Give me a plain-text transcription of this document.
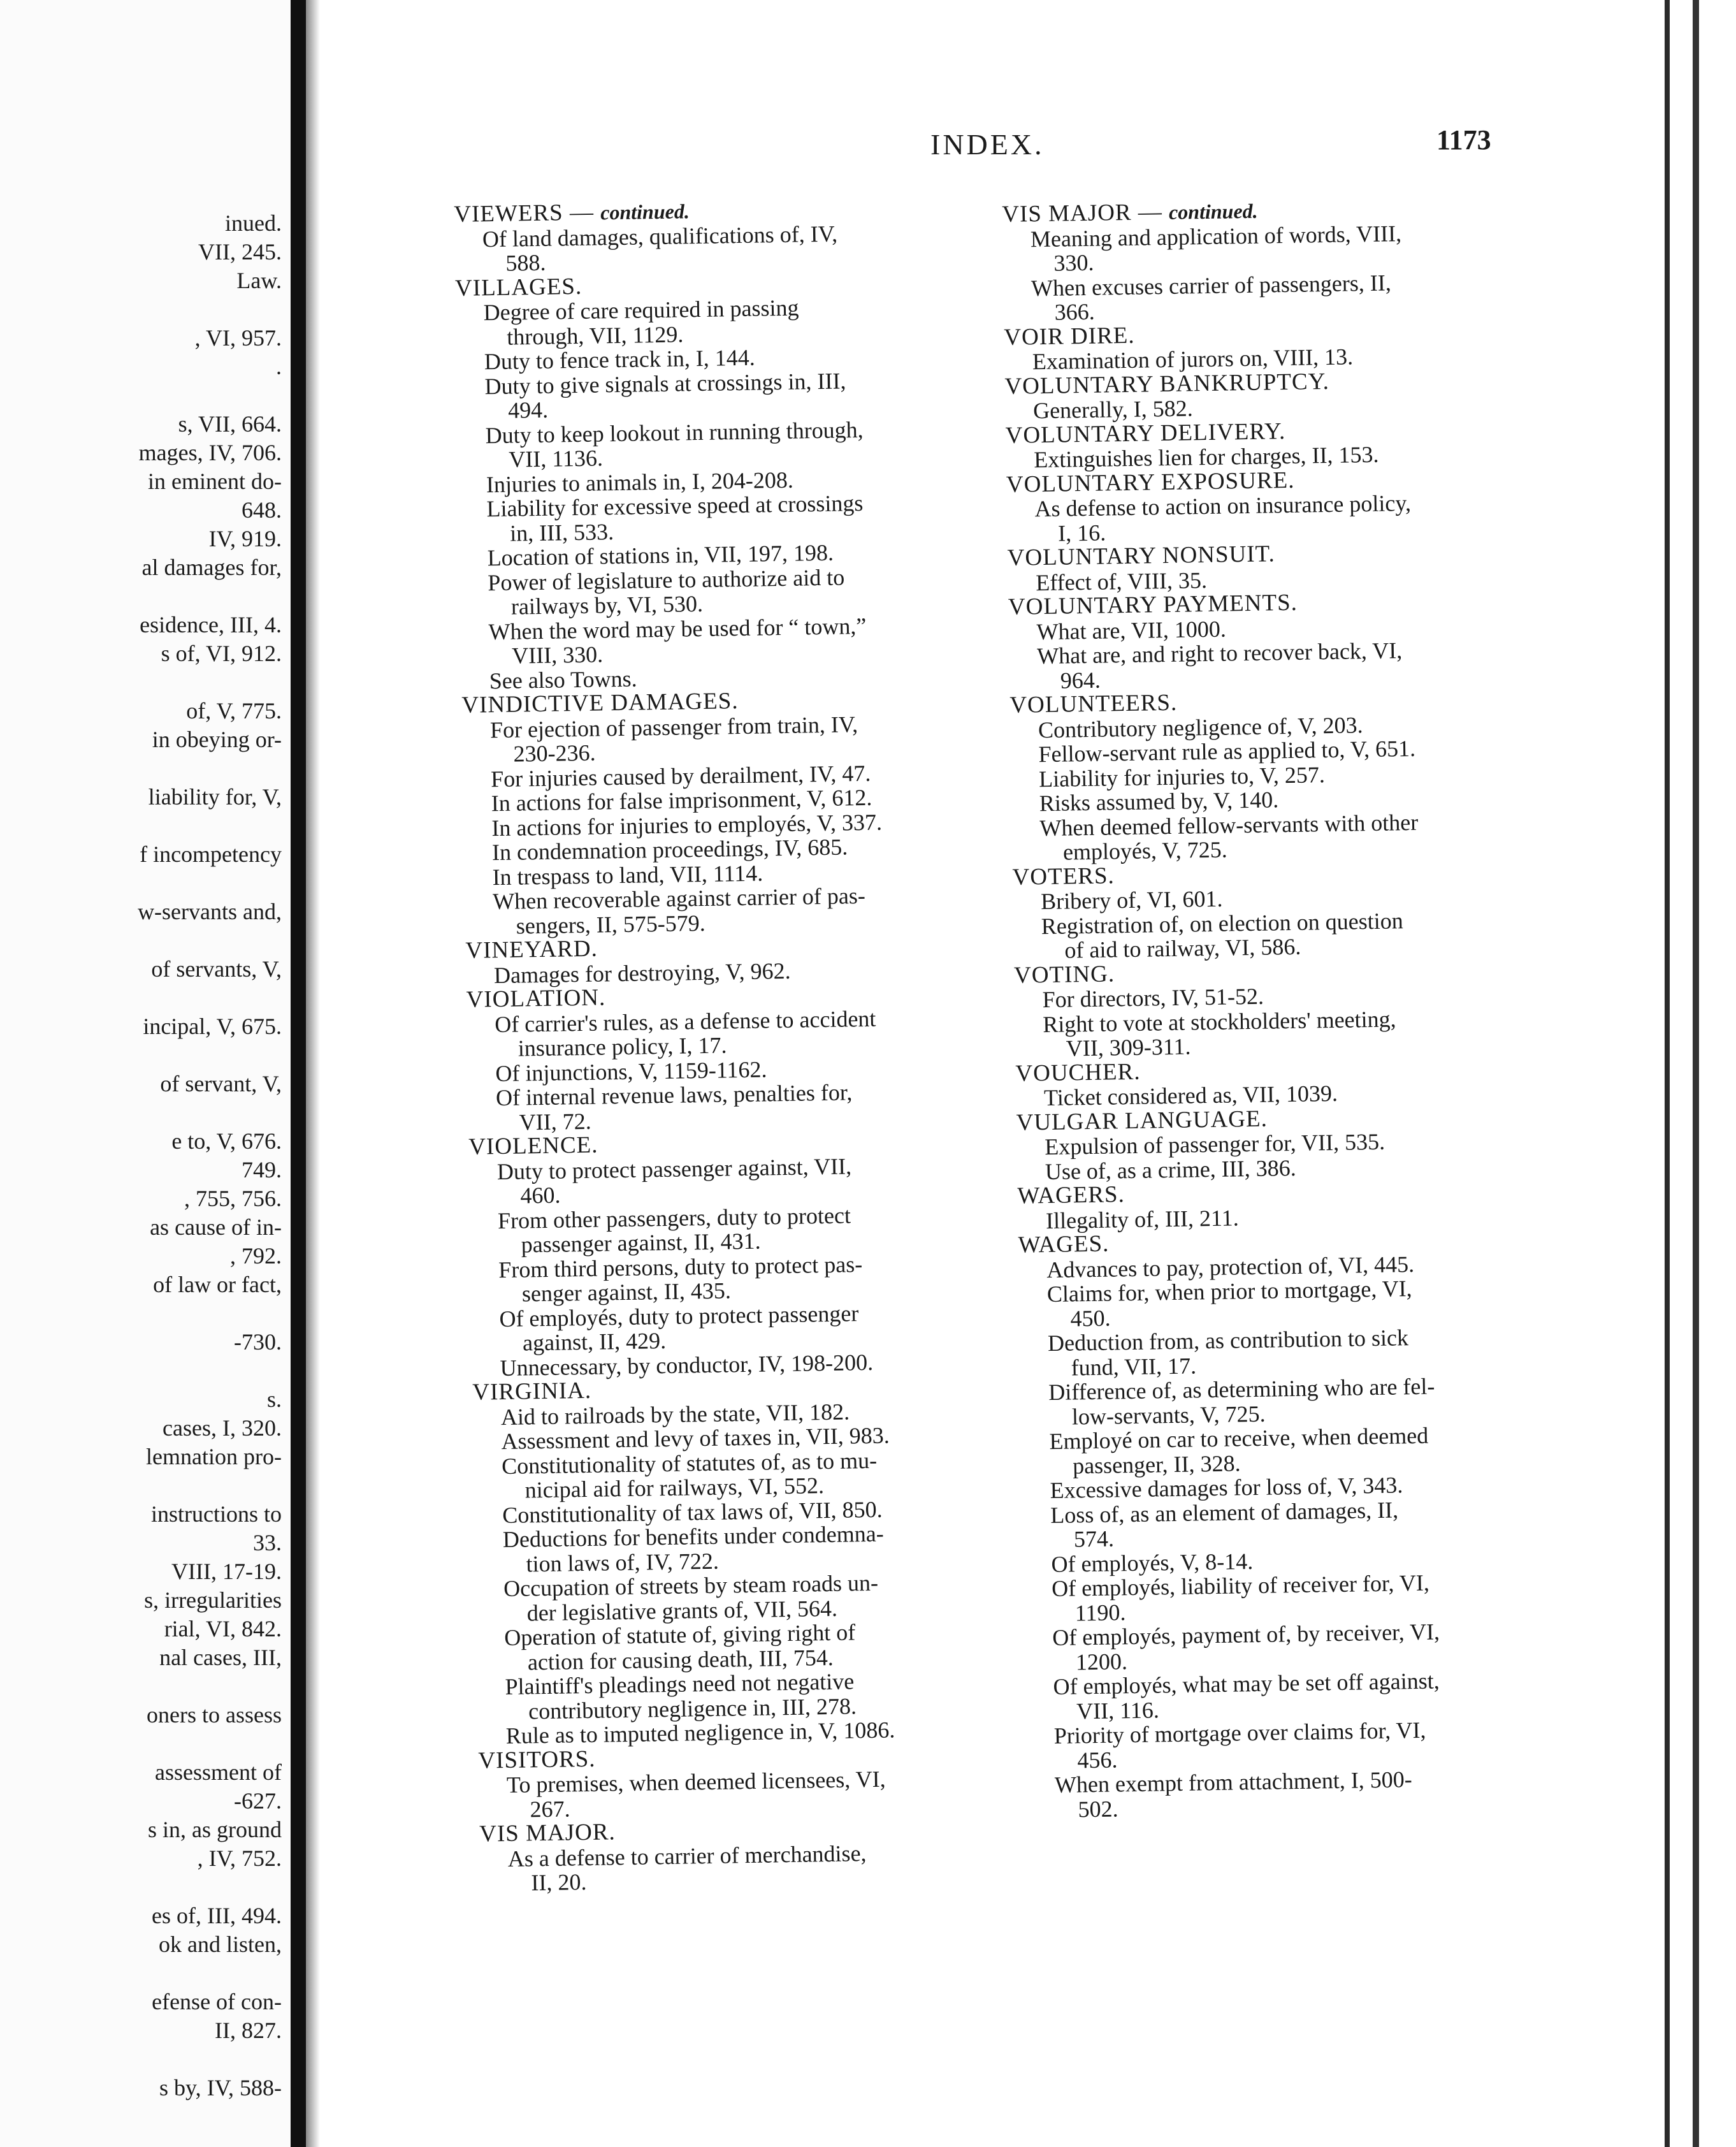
inued.
VII, 245.
Law.
, VI, 957.
.
s, VII, 664.
mages, IV, 706.
in eminent do-
648.
IV, 919.
al damages for,
esidence, III, 4.
s of, VI, 912.
of, V, 775.
in obeying or-
liability for, V,
f incompetency
w-servants and,
of servants, V,
incipal, V, 675.
of servant, V,
e to, V, 676.
749.
, 755, 756.
as cause of in-
, 792.
of law or fact,
-730.
s.
cases, I, 320.
lemnation pro-
instructions to
33.
VIII, 17-19.
s, irregularities
rial, VI, 842.
nal cases, III,
oners to assess
assessment of
-627.
s in, as ground
, IV, 752.
es of, III, 494.
ok and listen,
efense of con-
II, 827.
s by, IV, 588-
INDEX.	1173
VIEWERS — continued.
Of land damages, qualifications of, IV,
588.
VILLAGES.
Degree of care required in passing
through, VII, 1129.
Duty to fence track in, I, 144.
Duty to give signals at crossings in, III,
494.
Duty to keep lookout in running through,
VII, 1136.
Injuries to animals in, I, 204-208.
Liability for excessive speed at crossings
in, III, 533.
Location of stations in, VII, 197, 198.
Power of legislature to authorize aid to
railways by, VI, 530.
When the word may be used for “ town,”
VIII, 330.
See also Towns.
VINDICTIVE DAMAGES.
For ejection of passenger from train, IV,
230-236.
For injuries caused by derailment, IV, 47.
In actions for false imprisonment, V, 612.
In actions for injuries to employés, V, 337.
In condemnation proceedings, IV, 685.
In trespass to land, VII, 1114.
When recoverable against carrier of pas-
sengers, II, 575-579.
VINEYARD.
Damages for destroying, V, 962.
VIOLATION.
Of carrier's rules, as a defense to accident
insurance policy, I, 17.
Of injunctions, V, 1159-1162.
Of internal revenue laws, penalties for,
VII, 72.
VIOLENCE.
Duty to protect passenger against, VII,
460.
From other passengers, duty to protect
passenger against, II, 431.
From third persons, duty to protect pas-
senger against, II, 435.
Of employés, duty to protect passenger
against, II, 429.
Unnecessary, by conductor, IV, 198-200.
VIRGINIA.
Aid to railroads by the state, VII, 182.
Assessment and levy of taxes in, VII, 983.
Constitutionality of statutes of, as to mu-
nicipal aid for railways, VI, 552.
Constitutionality of tax laws of, VII, 850.
Deductions for benefits under condemna-
tion laws of, IV, 722.
Occupation of streets by steam roads un-
der legislative grants of, VII, 564.
Operation of statute of, giving right of
action for causing death, III, 754.
Plaintiff's pleadings need not negative
contributory negligence in, III, 278.
Rule as to imputed negligence in, V, 1086.
VISITORS.
To premises, when deemed licensees, VI,
267.
VIS MAJOR.
As a defense to carrier of merchandise,
II, 20.
VIS MAJOR — continued.
Meaning and application of words, VIII,
330.
When excuses carrier of passengers, II,
366.
VOIR DIRE.
Examination of jurors on, VIII, 13.
VOLUNTARY BANKRUPTCY.
Generally, I, 582.
VOLUNTARY DELIVERY.
Extinguishes lien for charges, II, 153.
VOLUNTARY EXPOSURE.
As defense to action on insurance policy,
I, 16.
VOLUNTARY NONSUIT.
Effect of, VIII, 35.
VOLUNTARY PAYMENTS.
What are, VII, 1000.
What are, and right to recover back, VI,
964.
VOLUNTEERS.
Contributory negligence of, V, 203.
Fellow-servant rule as applied to, V, 651.
Liability for injuries to, V, 257.
Risks assumed by, V, 140.
When deemed fellow-servants with other
employés, V, 725.
VOTERS.
Bribery of, VI, 601.
Registration of, on election on question
of aid to railway, VI, 586.
VOTING.
For directors, IV, 51-52.
Right to vote at stockholders' meeting,
VII, 309-311.
VOUCHER.
Ticket considered as, VII, 1039.
VULGAR LANGUAGE.
Expulsion of passenger for, VII, 535.
Use of, as a crime, III, 386.
WAGERS.
Illegality of, III, 211.
WAGES.
Advances to pay, protection of, VI, 445.
Claims for, when prior to mortgage, VI,
450.
Deduction from, as contribution to sick
fund, VII, 17.
Difference of, as determining who are fel-
low-servants, V, 725.
Employé on car to receive, when deemed
passenger, II, 328.
Excessive damages for loss of, V, 343.
Loss of, as an element of damages, II,
574.
Of employés, V, 8-14.
Of employés, liability of receiver for, VI,
1190.
Of employés, payment of, by receiver, VI,
1200.
Of employés, what may be set off against,
VII, 116.
Priority of mortgage over claims for, VI,
456.
When exempt from attachment, I, 500-
502.
